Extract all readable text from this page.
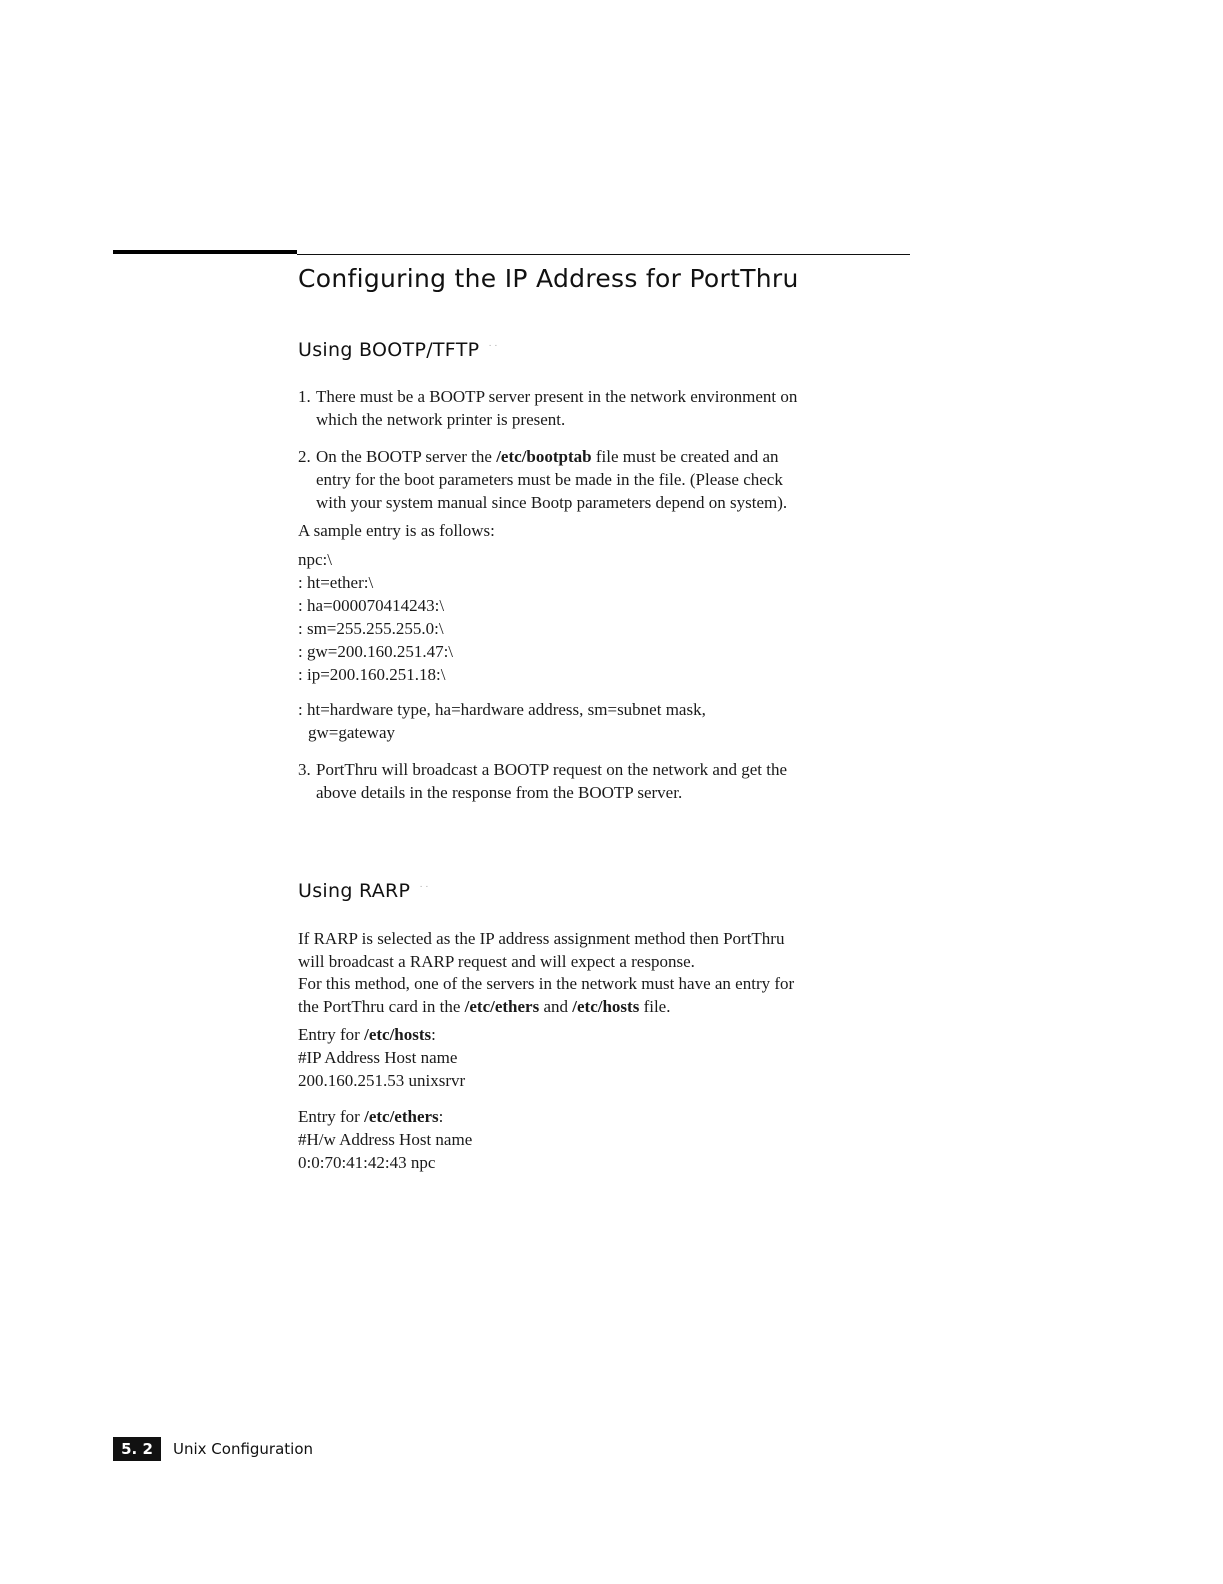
Configuring the IP Address for PortThru
Using BOOTP/TFTP ˙˙
1. There must be a BOOTP server present in the network environment on
which the network printer is present.
2. On the BOOTP server the /etc/bootptab file must be created and an
entry for the boot parameters must be made in the file. (Please check
with your system manual since Bootp parameters depend on system).
A sample entry is as follows:
npc:\
: ht=ether:\
: ha=000070414243:\
: sm=255.255.255.0:\
: gw=200.160.251.47:\
: ip=200.160.251.18:\
: ht=hardware type, ha=hardware address, sm=subnet mask,
gw=gateway
3. PortThru will broadcast a BOOTP request on the network and get the
above details in the response from the BOOTP server.
Using RARP ˙˙
If RARP is selected as the IP address assignment method then PortThru
will broadcast a RARP request and will expect a response.
For this method, one of the servers in the network must have an entry for
the PortThru card in the /etc/ethers and /etc/hosts file.
Entry for /etc/hosts:
#IP Address Host name
200.160.251.53 unixsrvr
Entry for /etc/ethers:
#H/w Address Host name
0:0:70:41:42:43 npc
5. 2	Unix Configuration
